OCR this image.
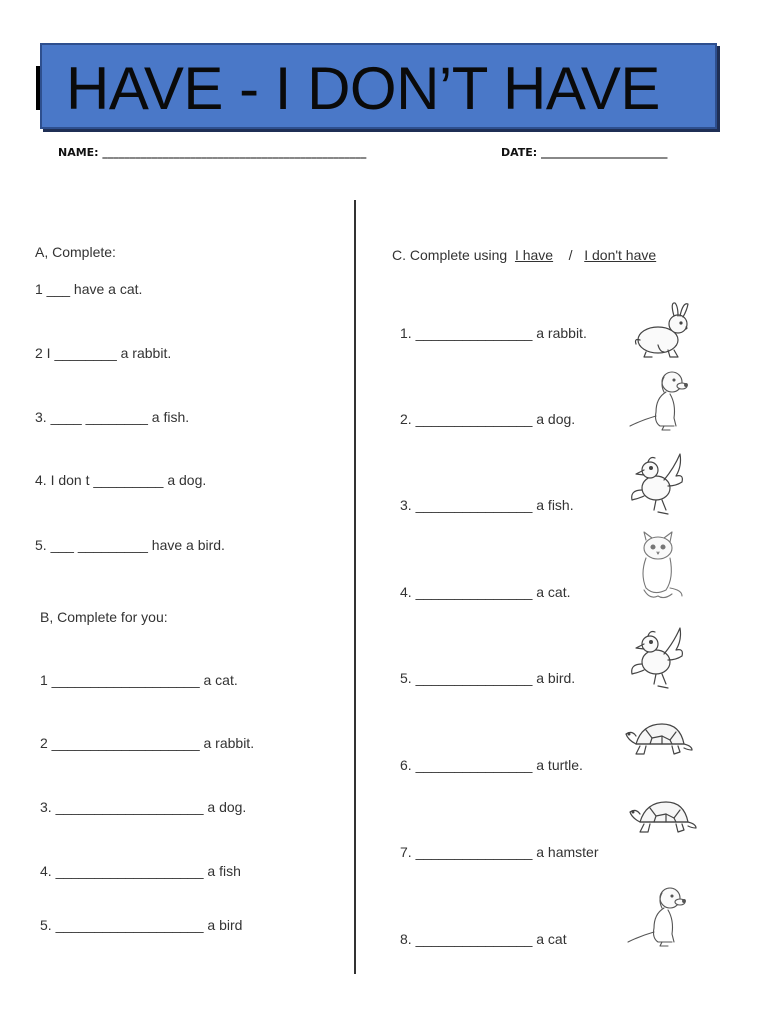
HAVE - I DON’T HAVE
NAME: ________________________________________________	DATE: _______________________
A, Complete:
1 ___ have a cat.
2 I ________ a rabbit.
3. ____ ________ a fish.
4. I don t _________ a dog.
5. ___ _________ have a bird.
B, Complete for you:
1 ___________________ a cat.
2 ___________________ a rabbit.
3. ___________________ a dog.
4. ___________________ a fish
5. ___________________ a bird
C. Complete using I have / I don't have
1. _______________ a rabbit.
2. _______________ a dog.
3. _______________ a fish.
4. _______________ a cat.
5. _______________ a bird.
6. _______________ a turtle.
7. _______________ a hamster
8. _______________ a cat
